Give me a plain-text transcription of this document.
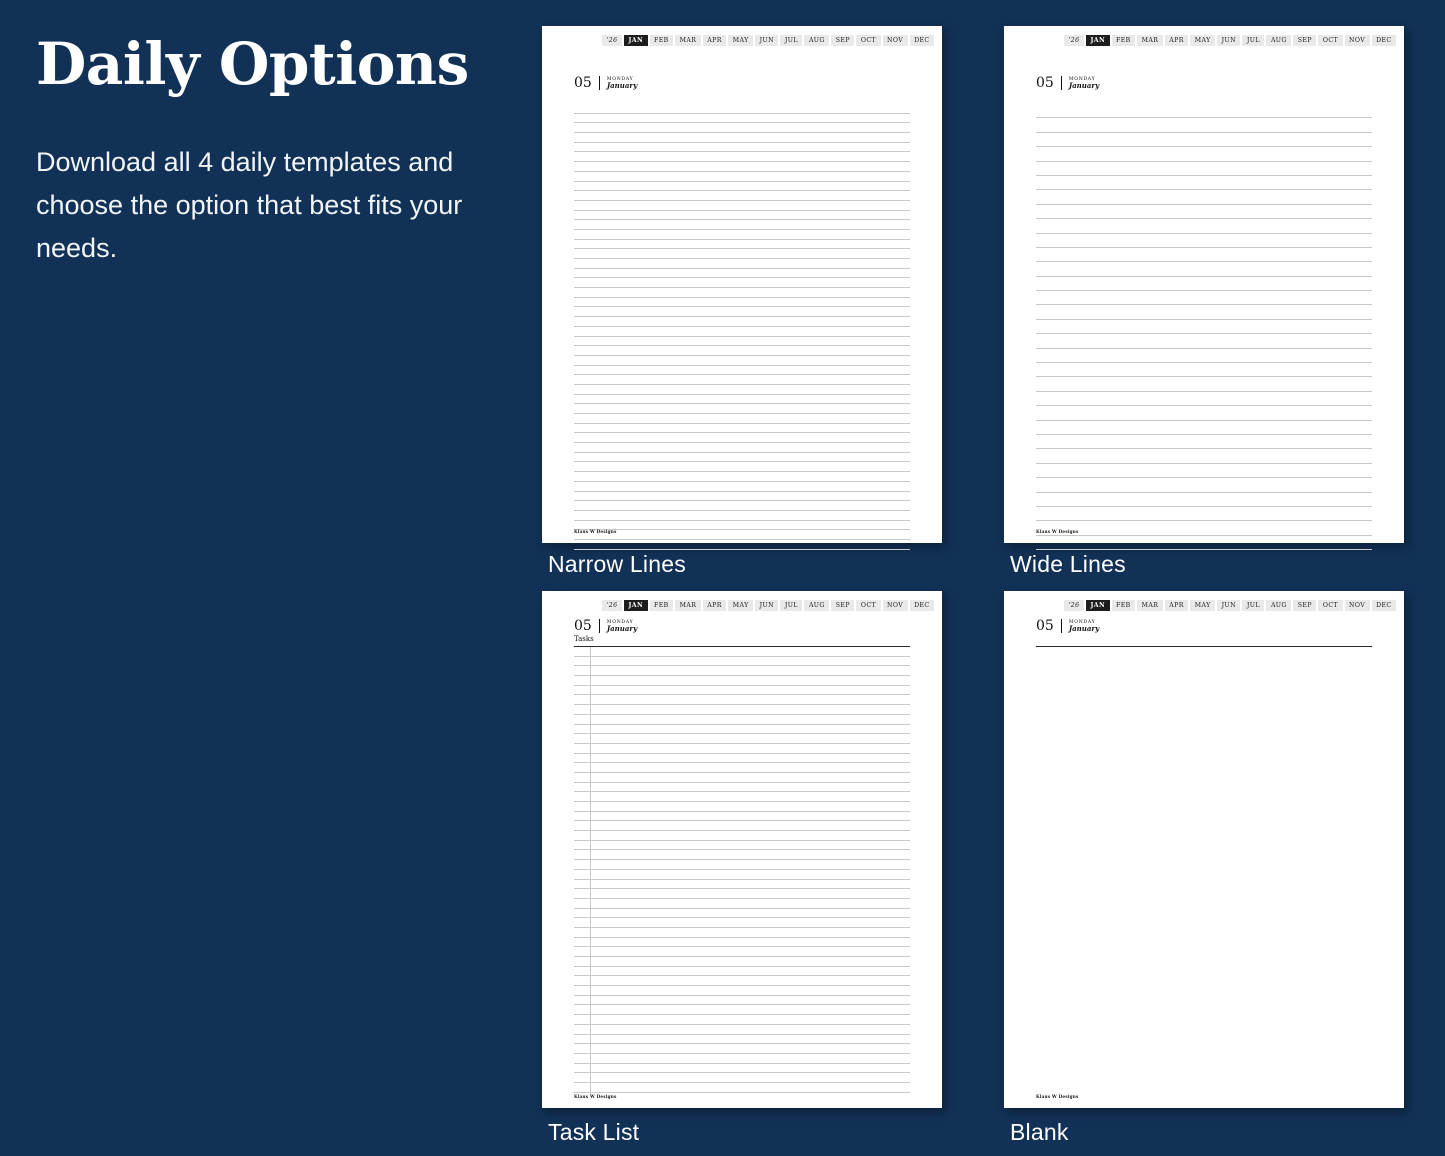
Daily Options

Download all 4 daily templates and choose the option that best fits your needs.

'26	JAN	FEB	MAR	APR	MAY	JUN	JUL	AUG	SEP	OCT	NOV	DEC
05	MONDAY
January
Klaus W Designs
Narrow Lines
'26	JAN	FEB	MAR	APR	MAY	JUN	JUL	AUG	SEP	OCT	NOV	DEC
05	MONDAY
January
Klaus W Designs
Wide Lines
'26	JAN	FEB	MAR	APR	MAY	JUN	JUL	AUG	SEP	OCT	NOV	DEC
05	MONDAY
January
Tasks
Klaus W Designs
Task List
'26	JAN	FEB	MAR	APR	MAY	JUN	JUL	AUG	SEP	OCT	NOV	DEC
05	MONDAY
January
Klaus W Designs
Blank
